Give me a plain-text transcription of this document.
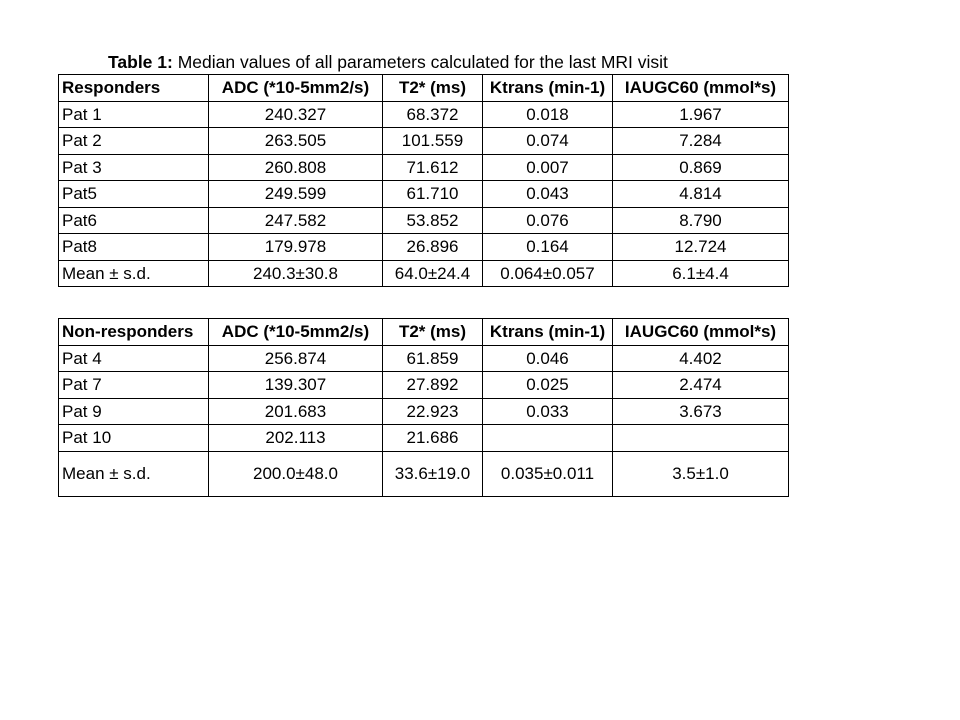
Table 1: Median values of all parameters calculated for the last MRI visit
Responders	ADC (*10-5mm2/s)	T2* (ms)	Ktrans (min-1)	IAUGC60 (mmol*s)
Pat 1	240.327	68.372	0.018	1.967
Pat 2	263.505	101.559	0.074	7.284
Pat 3	260.808	71.612	0.007	0.869
Pat5	249.599	61.710	0.043	4.814
Pat6	247.582	53.852	0.076	8.790
Pat8	179.978	26.896	0.164	12.724
Mean ± s.d.	240.3±30.8	64.0±24.4	0.064±0.057	6.1±4.4
Non-responders	ADC (*10-5mm2/s)	T2* (ms)	Ktrans (min-1)	IAUGC60 (mmol*s)
Pat 4	256.874	61.859	0.046	4.402
Pat 7	139.307	27.892	0.025	2.474
Pat 9	201.683	22.923	0.033	3.673
Pat 10	202.113	21.686		
Mean ± s.d.	200.0±48.0	33.6±19.0	0.035±0.011	3.5±1.0
